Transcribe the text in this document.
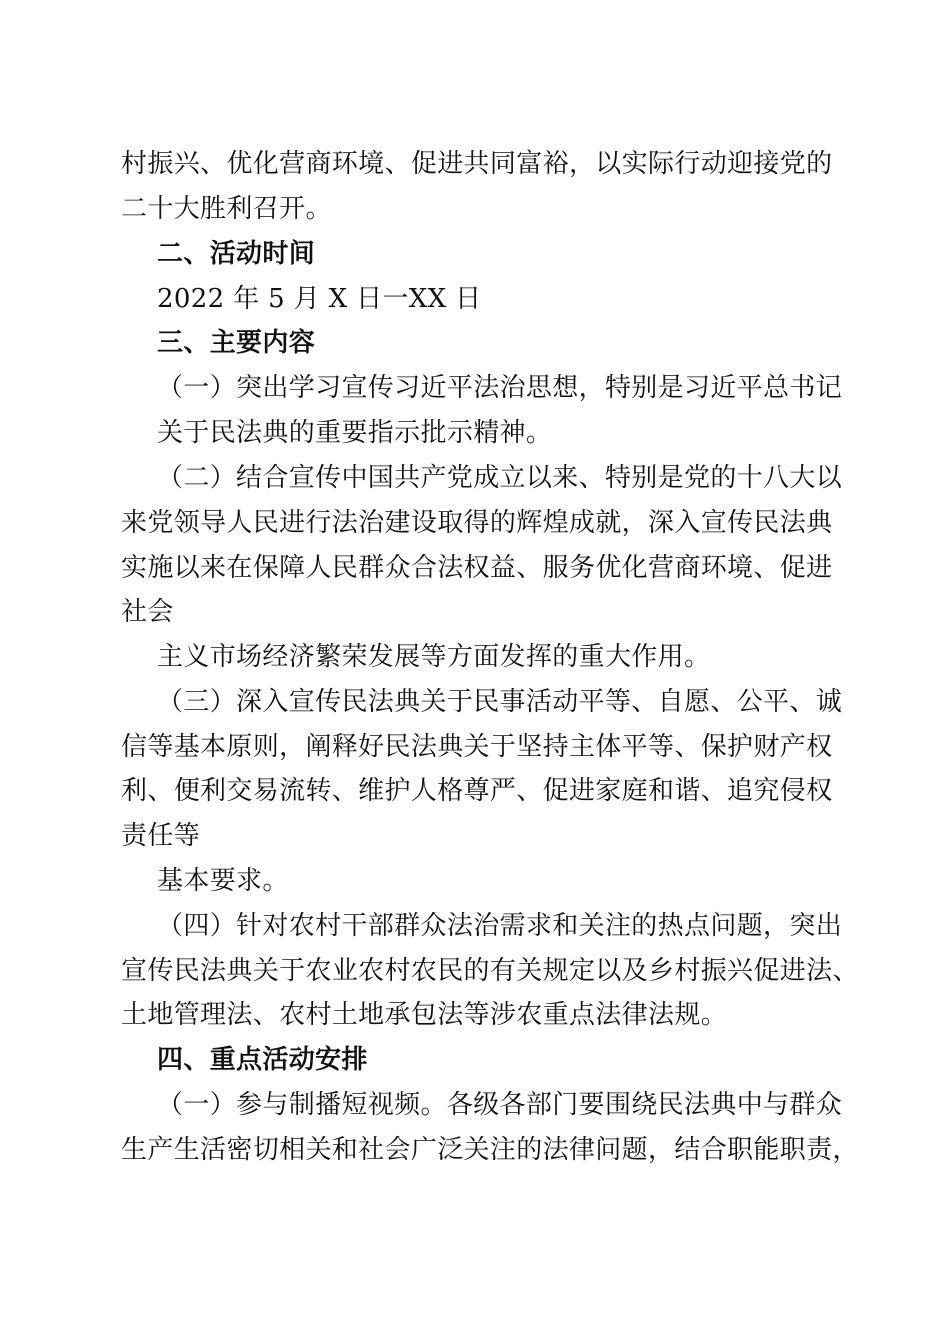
村振兴、优化营商环境、促进共同富裕，以实际行动迎接党的
二十大胜利召开。
二、活动时间
2022 年 5 月 X 日一XX 日
三、主要内容
（一）突出学习宣传习近平法治思想，特别是习近平总书记
关于民法典的重要指示批示精神。
（二）结合宣传中国共产党成立以来、特别是党的十八大以
来党领导人民进行法治建设取得的辉煌成就，深入宣传民法典
实施以来在保障人民群众合法权益、服务优化营商环境、促进
社会
主义市场经济繁荣发展等方面发挥的重大作用。
（三）深入宣传民法典关于民事活动平等、自愿、公平、诚
信等基本原则，阐释好民法典关于坚持主体平等、保护财产权
利、便利交易流转、维护人格尊严、促进家庭和谐、追究侵权
责任等
基本要求。
（四）针对农村干部群众法治需求和关注的热点问题，突出
宣传民法典关于农业农村农民的有关规定以及乡村振兴促进法、
土地管理法、农村土地承包法等涉农重点法律法规。
四、重点活动安排
（一）参与制播短视频。各级各部门要围绕民法典中与群众
生产生活密切相关和社会广泛关注的法律问题，结合职能职责，
